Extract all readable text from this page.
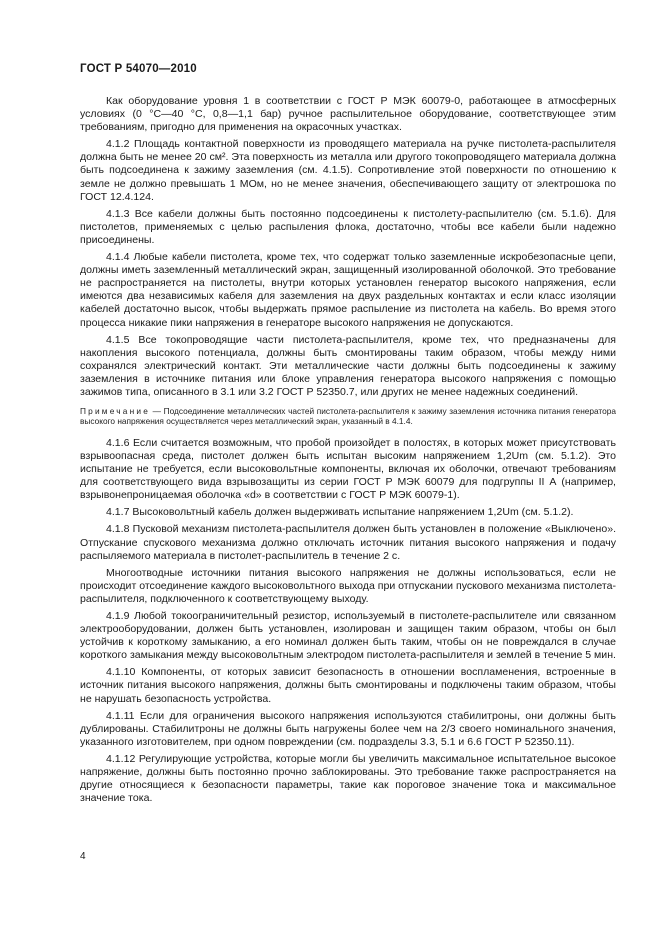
ГОСТ Р 54070—2010

Как оборудование уровня 1 в соответствии с ГОСТ Р МЭК 60079-0, работающее в атмосферных условиях (0 °С—40 °С, 0,8—1,1 бар) ручное распылительное оборудование, соответствующее этим требованиям, пригодно для применения на окрасочных участках.

4.1.2 Площадь контактной поверхности из проводящего материала на ручке пистолета-распылителя должна быть не менее 20 см². Эта поверхность из металла или другого токопроводящего материала должна быть подсоединена к зажиму заземления (см. 4.1.5). Сопротивление этой поверхности по отношению к земле не должно превышать 1 МОм, но не менее значения, обеспечивающего защиту от электрошока по ГОСТ 12.4.124.

4.1.3 Все кабели должны быть постоянно подсоединены к пистолету-распылителю (см. 5.1.6). Для пистолетов, применяемых с целью распыления флока, достаточно, чтобы все кабели были надежно присоединены.

4.1.4 Любые кабели пистолета, кроме тех, что содержат только заземленные искробезопасные цепи, должны иметь заземленный металлический экран, защищенный изолированной оболочкой. Это требование не распространяется на пистолеты, внутри которых установлен генератор высокого напряжения, если имеются два независимых кабеля для заземления на двух раздельных контактах и если класс изоляции кабелей достаточно высок, чтобы выдержать прямое распыление из пистолета на кабель. Во время этого процесса никакие пики напряжения в генераторе высокого напряжения не допускаются.

4.1.5 Все токопроводящие части пистолета-распылителя, кроме тех, что предназначены для накопления высокого потенциала, должны быть смонтированы таким образом, чтобы между ними сохранялся электрический контакт. Эти металлические части должны быть подсоединены к зажиму заземления в источнике питания или блоке управления генератора высокого напряжения с помощью зажимов типа, описанного в 3.1 или 3.2 ГОСТ Р 52350.7, или других не менее надежных соединений.

Примечание — Подсоединение металлических частей пистолета-распылителя к зажиму заземления источника питания генератора высокого напряжения осуществляется через металлический экран, указанный в 4.1.4.

4.1.6 Если считается возможным, что пробой произойдет в полостях, в которых может присутствовать взрывоопасная среда, пистолет должен быть испытан высоким напряжением 1,2Um (см. 5.1.2). Это испытание не требуется, если высоковольтные компоненты, включая их оболочки, отвечают требованиям для соответствующего вида взрывозащиты из серии ГОСТ Р МЭК 60079 для подгруппы II А (например, взрывонепроницаемая оболочка «d» в соответствии с ГОСТ Р МЭК 60079-1).

4.1.7 Высоковольтный кабель должен выдерживать испытание напряжением 1,2Um (см. 5.1.2).

4.1.8 Пусковой механизм пистолета-распылителя должен быть установлен в положение «Выключено». Отпускание спускового механизма должно отключать источник питания высокого напряжения и подачу распыляемого материала в пистолет-распылитель в течение 2 с.

Многоотводные источники питания высокого напряжения не должны использоваться, если не происходит отсоединение каждого высоковольтного выхода при отпускании пускового механизма пистолета-распылителя, подключенного к соответствующему выходу.

4.1.9 Любой токоограничительный резистор, используемый в пистолете-распылителе или связанном электрооборудовании, должен быть установлен, изолирован и защищен таким образом, чтобы он был устойчив к короткому замыканию, а его номинал должен быть таким, чтобы он не повреждался в случае короткого замыкания между высоковольтным электродом пистолета-распылителя и землей в течение 5 мин.

4.1.10 Компоненты, от которых зависит безопасность в отношении воспламенения, встроенные в источник питания высокого напряжения, должны быть смонтированы и подключены таким образом, чтобы не нарушать безопасность устройства.

4.1.11 Если для ограничения высокого напряжения используются стабилитроны, они должны быть дублированы. Стабилитроны не должны быть нагружены более чем на 2/3 своего номинального значения, указанного изготовителем, при одном повреждении (см. подразделы 3.3, 5.1 и 6.6 ГОСТ Р 52350.11).

4.1.12 Регулирующие устройства, которые могли бы увеличить максимальное испытательное высокое напряжение, должны быть постоянно прочно заблокированы. Это требование также распространяется на другие относящиеся к безопасности параметры, такие как пороговое значение тока и максимальное значение тока.

4
